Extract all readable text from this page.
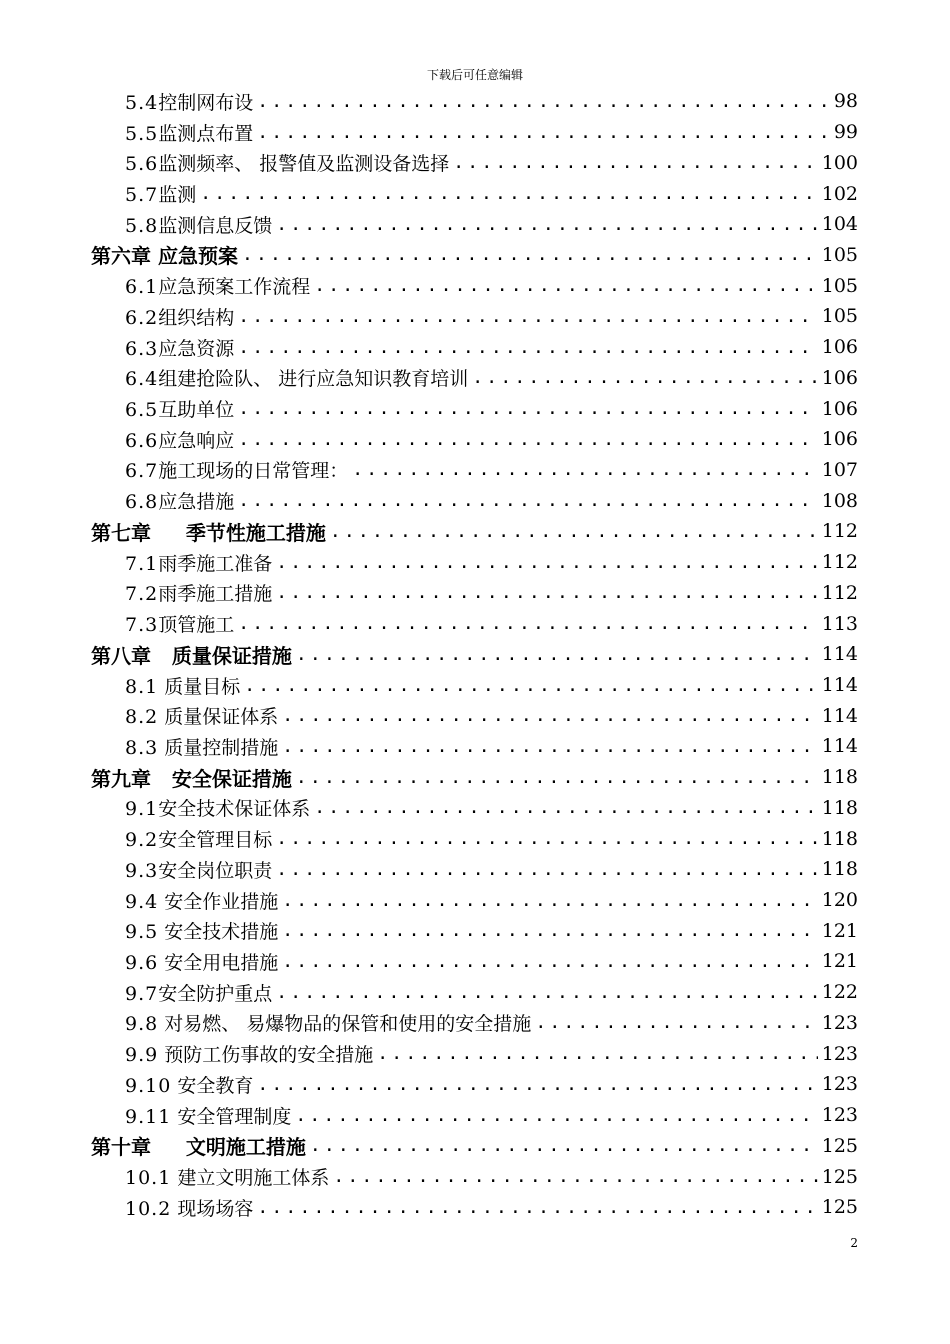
下载后可任意编辑
5.4控制网布设 .....	98
5.5监测点布置 .....	99
5.6监测频率、 报警值及监测设备选择 .....	100
5.7监测 .....	102
5.8监测信息反馈 .....	104
第六章 应急预案 .....	105
6.1应急预案工作流程 .....	105
6.2组织结构 .....	105
6.3应急资源 .....	106
6.4组建抢险队、 进行应急知识教育培训 .....	106
6.5互助单位 .....	106
6.6应急响应 .....	106
6.7施工现场的日常管理： .....	107
6.8应急措施 .....	108
第七章     季节性施工措施 .....	112
7.1雨季施工准备 .....	112
7.2雨季施工措施 .....	112
7.3顶管施工 .....	113
第八章   质量保证措施 .....	114
8.1 质量目标 .....	114
8.2 质量保证体系 .....	114
8.3 质量控制措施 .....	114
第九章   安全保证措施 .....	118
9.1安全技术保证体系 .....	118
9.2安全管理目标 .....	118
9.3安全岗位职责 .....	118
9.4 安全作业措施 .....	120
9.5 安全技术措施 .....	121
9.6 安全用电措施 .....	121
9.7安全防护重点 .....	122
9.8 对易燃、 易爆物品的保管和使用的安全措施 .....	123
9.9 预防工伤事故的安全措施 .....	123
9.10 安全教育 .....	123
9.11 安全管理制度 .....	123
第十章     文明施工措施 .....	125
10.1 建立文明施工体系 .....	125
10.2 现场场容 .....	125
2
